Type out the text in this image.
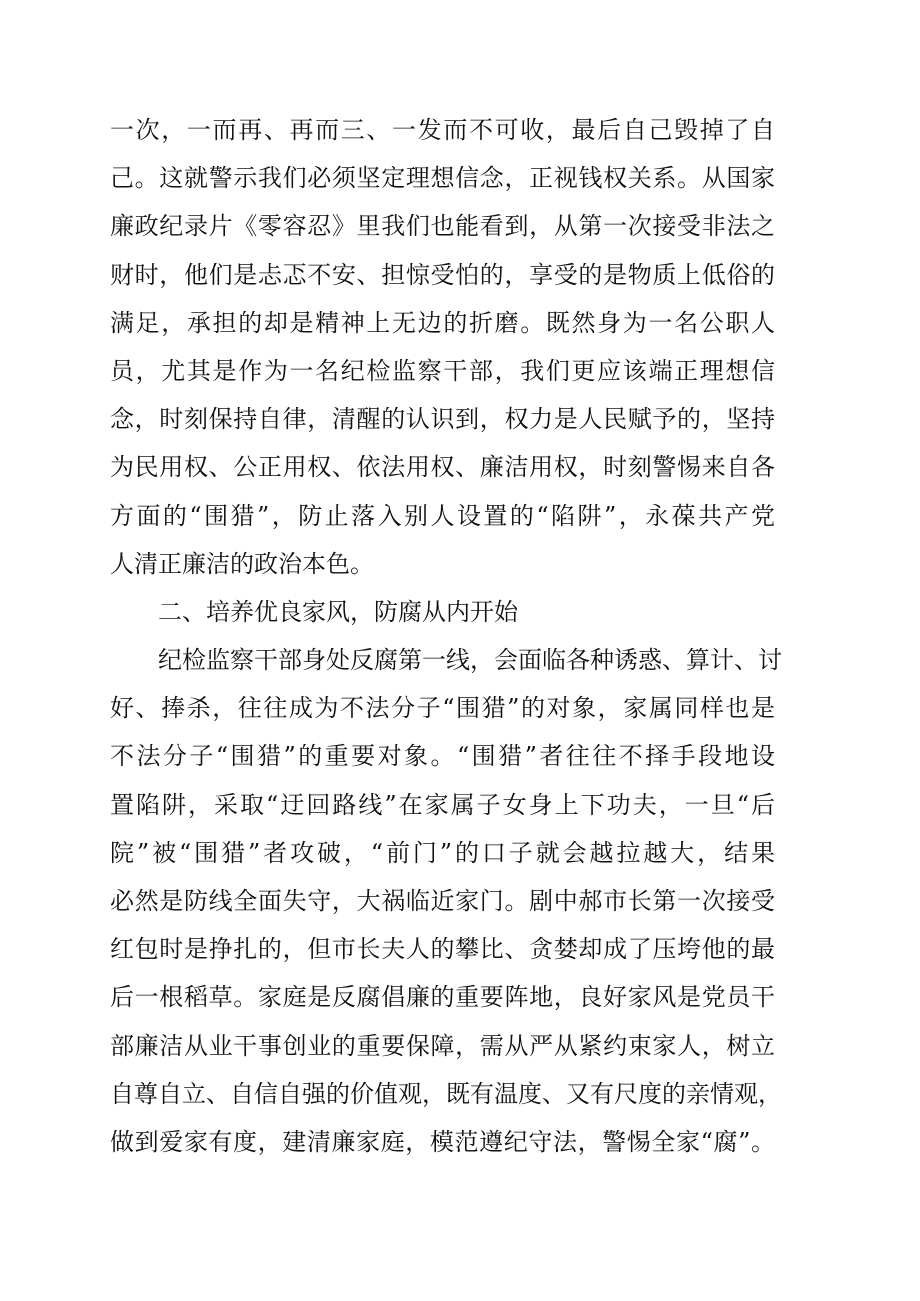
一次，一而再、再而三、一发而不可收，最后自己毁掉了自
己。这就警示我们必须坚定理想信念，正视钱权关系。从国家
廉政纪录片《零容忍》里我们也能看到，从第一次接受非法之
财时，他们是忐忑不安、担惊受怕的，享受的是物质上低俗的
满足，承担的却是精神上无边的折磨。既然身为一名公职人
员，尤其是作为一名纪检监察干部，我们更应该端正理想信
念，时刻保持自律，清醒的认识到，权力是人民赋予的，坚持
为民用权、公正用权、依法用权、廉洁用权，时刻警惕来自各
方面的“围猎”，防止落入别人设置的“陷阱”，永葆共产党
人清正廉洁的政治本色。
二、培养优良家风，防腐从内开始
纪检监察干部身处反腐第一线，会面临各种诱惑、算计、讨
好、捧杀，往往成为不法分子“围猎”的对象，家属同样也是
不法分子“围猎”的重要对象。“围猎”者往往不择手段地设
置陷阱，采取“迂回路线”在家属子女身上下功夫，一旦“后
院”被“围猎”者攻破，“前门”的口子就会越拉越大，结果
必然是防线全面失守，大祸临近家门。剧中郝市长第一次接受
红包时是挣扎的，但市长夫人的攀比、贪婪却成了压垮他的最
后一根稻草。家庭是反腐倡廉的重要阵地，良好家风是党员干
部廉洁从业干事创业的重要保障，需从严从紧约束家人，树立
自尊自立、自信自强的价值观，既有温度、又有尺度的亲情观，
做到爱家有度，建清廉家庭，模范遵纪守法，警惕全家“腐”。
